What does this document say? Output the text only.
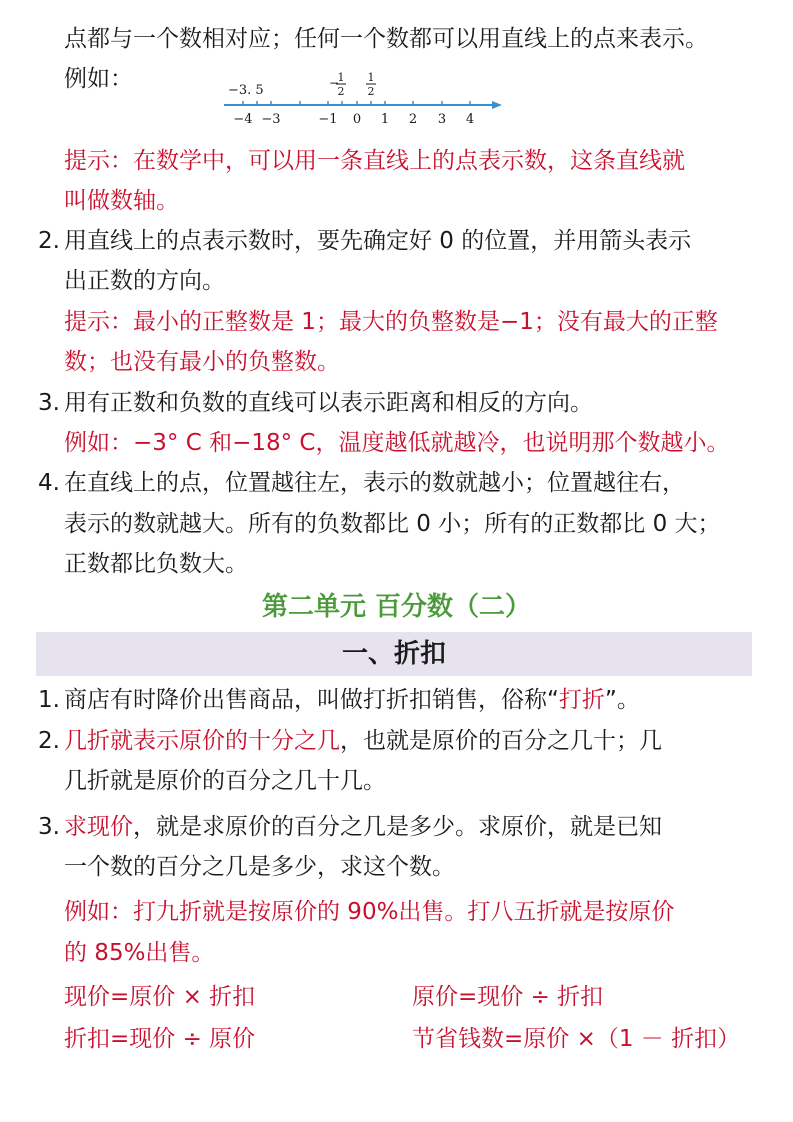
点都与一个数相对应；任何一个数都可以用直线上的点来表示。
例如：	−3. 5	−
1
2
1
2
−4 −3	−1 0 1 2 3 4
提示：在数学中，可以用一条直线上的点表示数，这条直线就
叫做数轴。
2. 用直线上的点表示数时，要先确定好 0 的位置，并用箭头表示
出正数的方向。
提示：最小的正整数是 1；最大的负整数是−1；没有最大的正整
数；也没有最小的负整数。
3. 用有正数和负数的直线可以表示距离和相反的方向。
例如：−3° C 和−18° C，温度越低就越冷，也说明那个数越小。
4. 在直线上的点，位置越往左，表示的数就越小；位置越往右，
表示的数就越大。所有的负数都比 0 小；所有的正数都比 0 大；
正数都比负数大。
第二单元 百分数（二）
一、折扣
1. 商店有时降价出售商品，叫做打折扣销售，俗称“打折”。
2. 几折就表示原价的十分之几，也就是原价的百分之几十；几
几折就是原价的百分之几十几。
3. 求现价，就是求原价的百分之几是多少。求原价，就是已知
一个数的百分之几是多少，求这个数。
例如：打九折就是按原价的 90%出售。打八五折就是按原价
的 85%出售。
现价=原价 × 折扣	原价=现价 ÷ 折扣
折扣=现价 ÷ 原价	节省钱数=原价 ×（1 － 折扣）
